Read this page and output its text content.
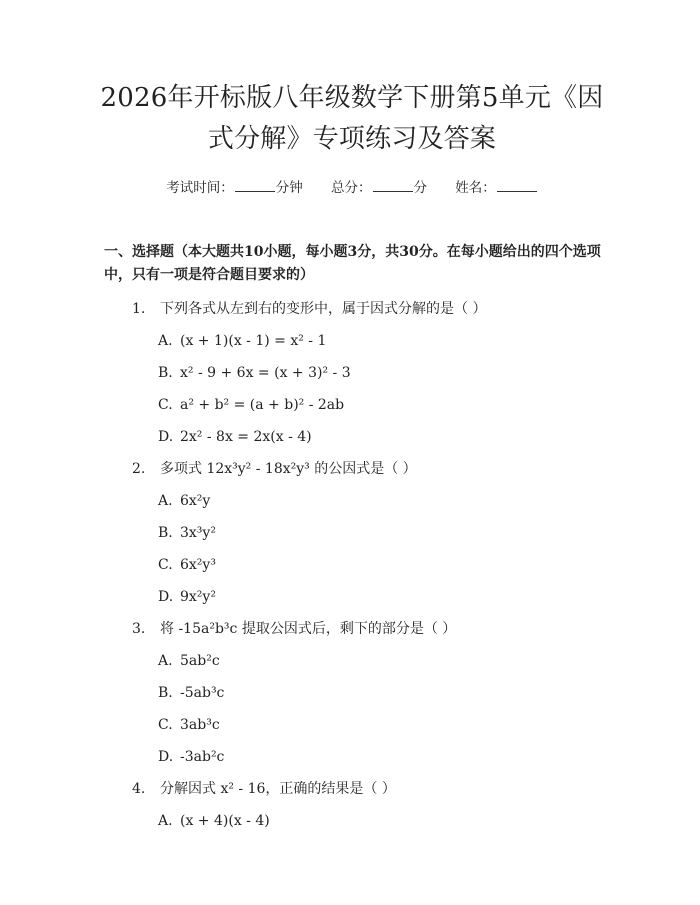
2026年开标版八年级数学下册第5单元《因
式分解》专项练习及答案
考试时间：	分钟 总分：	分 姓名：
一、选择题（本大题共10小题，每小题3分，共30分。在每小题给出的四个选项中，只有一项是符合题目要求的）
1.	下列各式从左到右的变形中，属于因式分解的是（ ）
A. (x + 1)(x - 1) = x² - 1
B. x² - 9 + 6x = (x + 3)² - 3
C. a² + b² = (a + b)² - 2ab
D. 2x² - 8x = 2x(x - 4)
2.	多项式 12x³y² - 18x²y³ 的公因式是（ ）
A. 6x²y
B. 3x³y²
C. 6x²y³
D. 9x²y²
3.	将 -15a²b³c 提取公因式后，剩下的部分是（ ）
A. 5ab²c
B. -5ab³c
C. 3ab³c
D. -3ab²c
4.	分解因式 x² - 16，正确的结果是（ ）
A. (x + 4)(x - 4)
